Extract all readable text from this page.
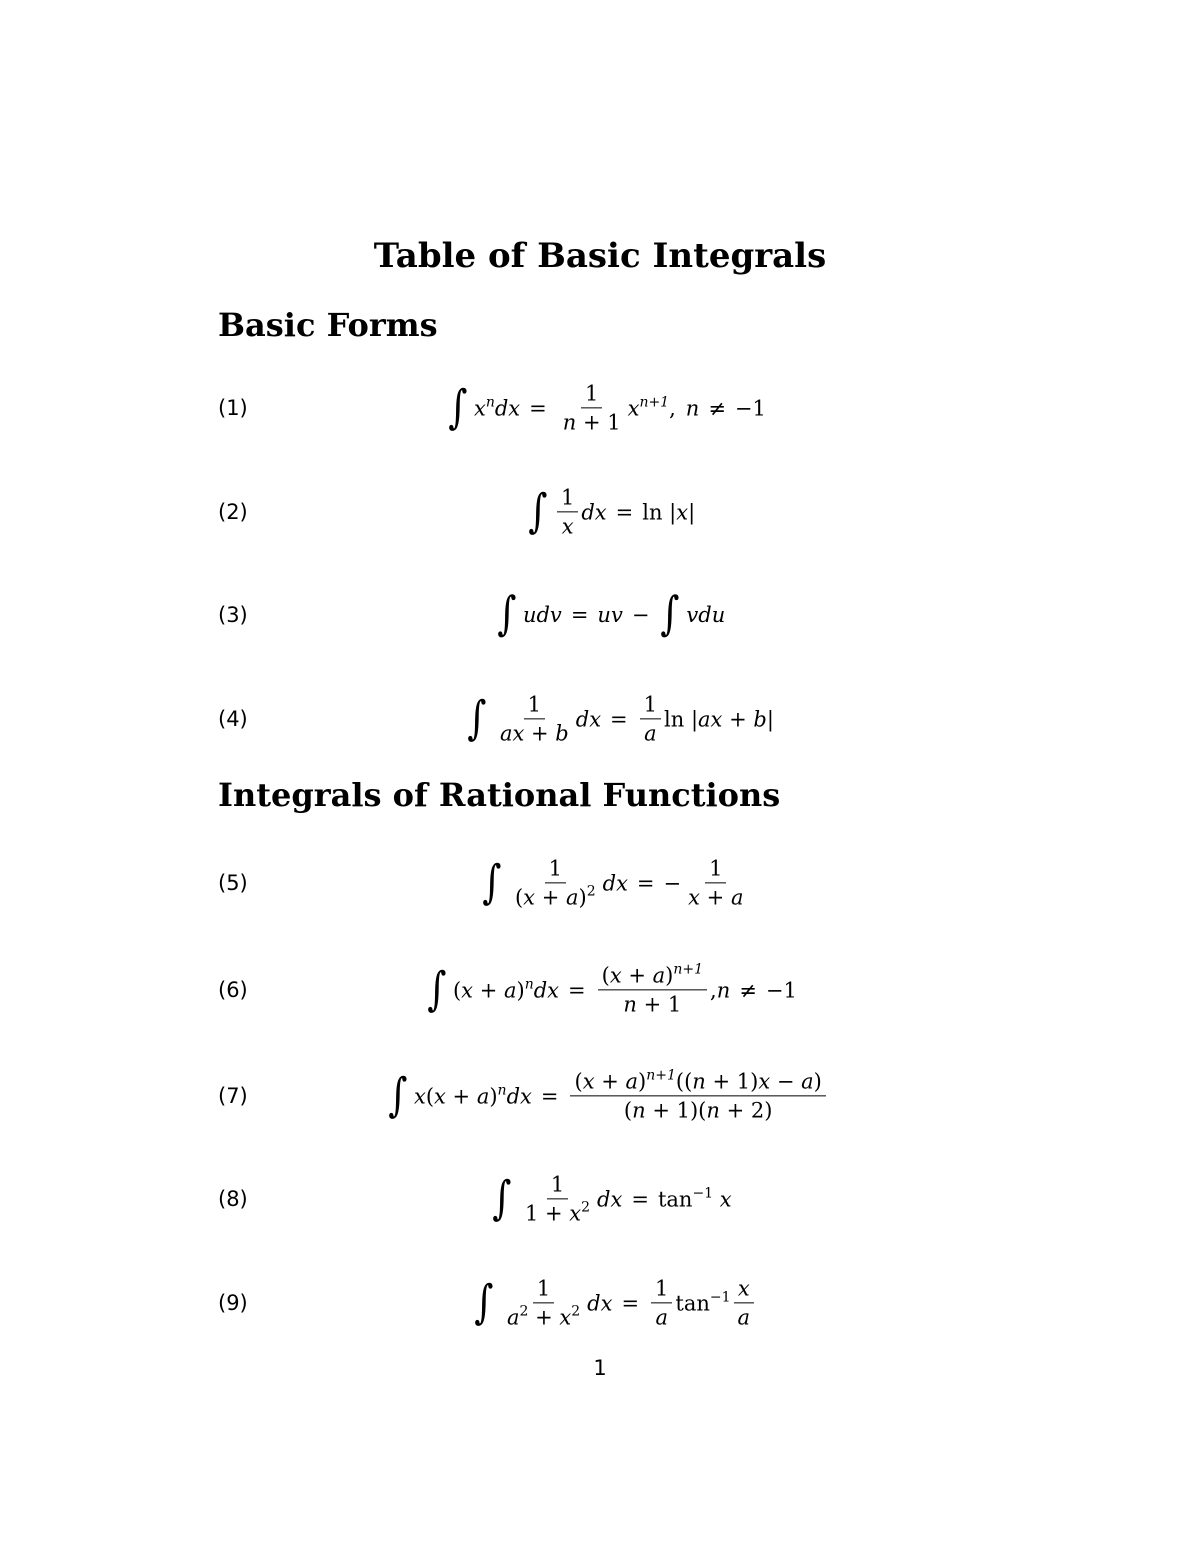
Table of Basic Integrals
Basic Forms
(1)	∫ $x^ndx = \frac{1}{n + 1} x^{n+1}$ , n ≠ −1
(2)	∫ $\frac{1}{x}$ dx = ln | x |
(3)	∫ udv = uv − ∫ vdu
(4)	∫ $\frac{1}{ax + b}$ dx = $\frac{1}{a}$ ln | ax + b |
Integrals of Rational Functions
(5)	∫ $\frac{1}{(x + a)^2}$ dx = − $\frac{1}{x + a}$
(6)	∫ ( x + a ) $^ndx = \frac{(x + a)^{n+1}}{n + 1}$ , n ≠ −1
(7)	∫ x ( x + a ) $^ndx = \frac{(x + a)^{n+1}((n + 1)x - a)}{(n + 1)(n + 2)}$
(8)	∫ $\frac{1}{1 + x^2}$ dx = $\tan^{-1} x$
(9)	∫ $\frac{1}{a^2 + x^2}$ dx = $\frac{1}{a} \tan^{-1} \frac{x}{a}$
1
